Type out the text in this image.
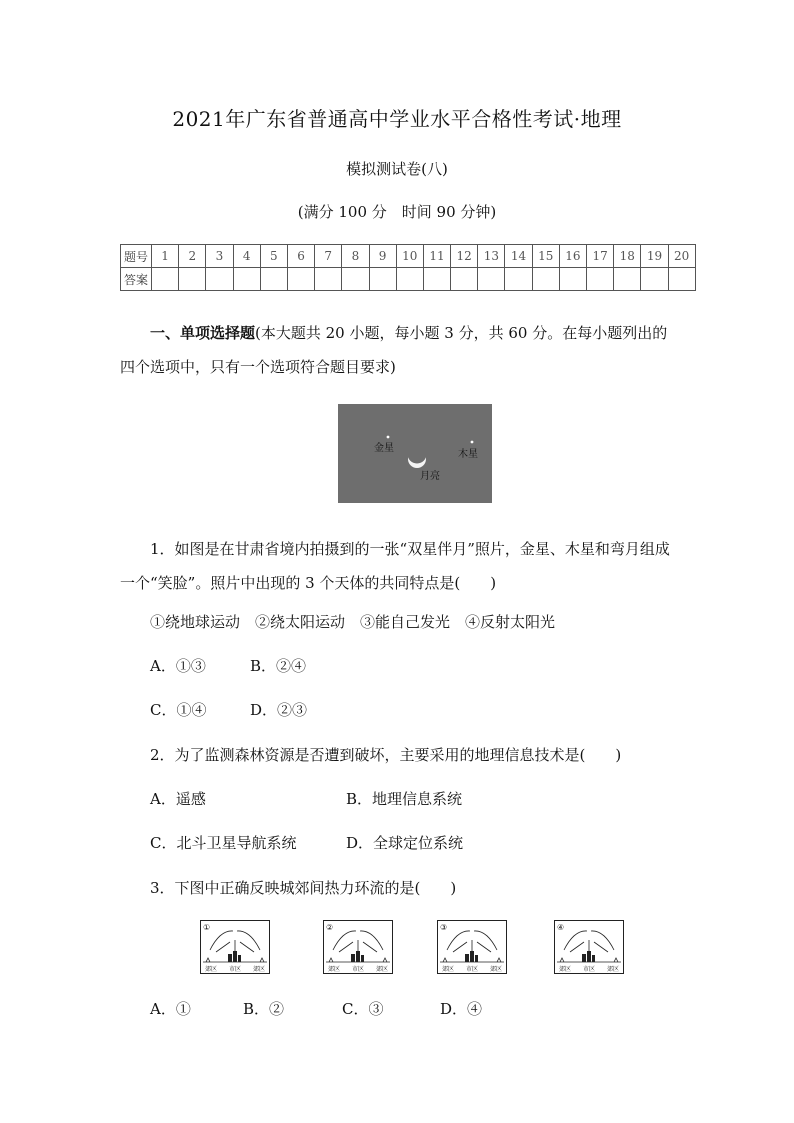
2021年广东省普通高中学业水平合格性考试·地理
模拟测试卷(八)
(满分 100 分　时间 90 分钟)
题号	1	2	3	4	5	6	7	8	9	10	11	12	13	14	15	16	17	18	19	20
答案																				
一、单项选择题(本大题共 20 小题，每小题 3 分，共 60 分。在每小题列出的四个选项中，只有一个选项符合题目要求)
金星
木星
月亮
1．如图是在甘肃省境内拍摄到的一张“双星伴月”照片，金星、木星和弯月组成一个“笑脸”。照片中出现的 3 个天体的共同特点是(　　)
①绕地球运动　②绕太阳运动　③能自己发光　④反射太阳光
A．①③	B．②④
C．①④	D．②③
2．为了监测森林资源是否遭到破坏，主要采用的地理信息技术是(　　)
A．遥感	B．地理信息系统
C．北斗卫星导航系统	D．全球定位系统
3．下图中正确反映城郊间热力环流的是(　　)
①
郊区 市区 郊区
②
郊区 市区 郊区
③
郊区 市区 郊区
④
郊区 市区 郊区
A．①	B．②	C．③	D．④
